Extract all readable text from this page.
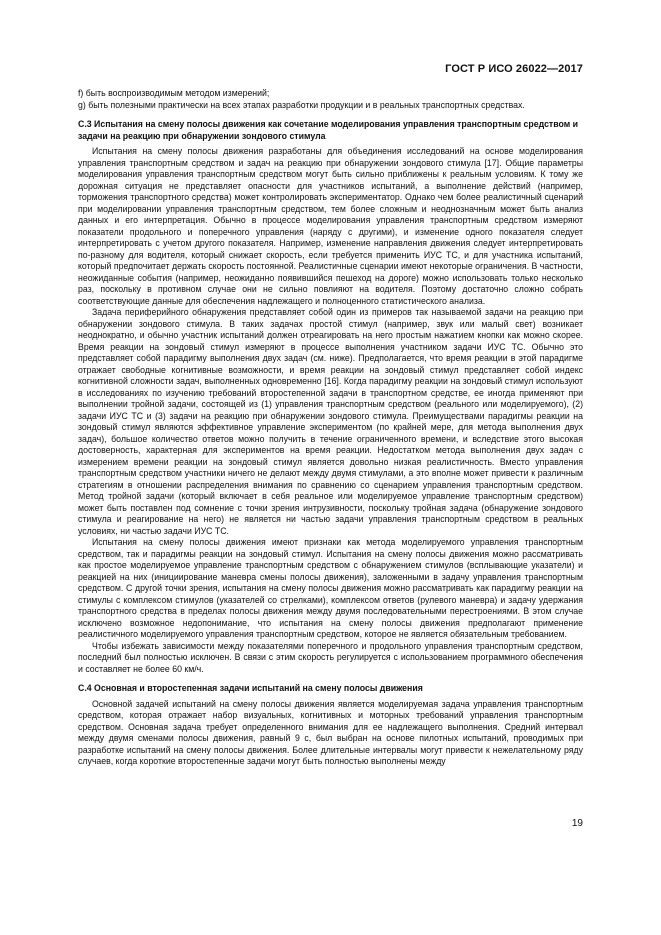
ГОСТ Р ИСО 26022—2017

f) быть воспроизводимым методом измерений;

g) быть полезными практически на всех этапах разработки продукции и в реальных транспортных средствах.

С.3 Испытания на смену полосы движения как сочетание моделирования управления транспортным средством и задачи на реакцию при обнаружении зондового стимула

Испытания на смену полосы движения разработаны для объединения исследований на основе моделирования управления транспортным средством и задач на реакцию при обнаружении зондового стимула [17]. Общие параметры моделирования управления транспортным средством могут быть сильно приближены к реальным условиям. К тому же дорожная ситуация не представляет опасности для участников испытаний, а выполнение действий (например, торможения транспортного средства) может контролировать экспериментатор. Однако чем более реалистичный сценарий при моделировании управления транспортным средством, тем более сложным и неоднозначным может быть анализ данных и его интерпретация. Обычно в процессе моделирования управления транспортным средством измеряют показатели продольного и поперечного управления (наряду с другими), и изменение одного показателя следует интерпретировать с учетом другого показателя. Например, изменение направления движения следует интерпретировать по-разному для водителя, который снижает скорость, если требуется применить ИУС ТС, и для участника испытаний, который предпочитает держать скорость постоянной. Реалистичные сценарии имеют некоторые ограничения. В частности, неожиданные события (например, неожиданно появившийся пешеход на дороге) можно использовать только несколько раз, поскольку в противном случае они не сильно повлияют на водителя. Поэтому достаточно сложно собрать соответствующие данные для обеспечения надлежащего и полноценного статистического анализа.

Задача периферийного обнаружения представляет собой один из примеров так называемой задачи на реакцию при обнаружении зондового стимула. В таких задачах простой стимул (например, звук или малый свет) возникает неоднократно, и обычно участник испытаний должен отреагировать на него простым нажатием кнопки как можно скорее. Время реакции на зондовый стимул измеряют в процессе выполнения участником задачи ИУС ТС. Обычно это представляет собой парадигму выполнения двух задач (см. ниже). Предполагается, что время реакции в этой парадигме отражает свободные когнитивные возможности, и время реакции на зондовый стимул представляет собой индекс когнитивной сложности задач, выполненных одновременно [16]. Когда парадигму реакции на зондовый стимул используют в исследованиях по изучению требований второстепенной задачи в транспортном средстве, ее иногда применяют при выполнении тройной задачи, состоящей из (1) управления транспортным средством (реального или моделируемого), (2) задачи ИУС ТС и (3) задачи на реакцию при обнаружении зондового стимула. Преимуществами парадигмы реакции на зондовый стимул являются эффективное управление экспериментом (по крайней мере, для метода выполнения двух задач), большое количество ответов можно получить в течение ограниченного времени, и вследствие этого высокая достоверность, характерная для экспериментов на время реакции. Недостатком метода выполнения двух задач с измерением времени реакции на зондовый стимул является довольно низкая реалистичность. Вместо управления транспортным средством участники ничего не делают между двумя стимулами, а это вполне может привести к различным стратегиям в отношении распределения внимания по сравнению со сценарием управления транспортным средством. Метод тройной задачи (который включает в себя реальное или моделируемое управление транспортным средством) может быть поставлен под сомнение с точки зрения интрузивности, поскольку тройная задача (обнаружение зондового стимула и реагирование на него) не является ни частью задачи управления транспортным средством в реальных условиях, ни частью задачи ИУС ТС.

Испытания на смену полосы движения имеют признаки как метода моделируемого управления транспортным средством, так и парадигмы реакции на зондовый стимул. Испытания на смену полосы движения можно рассматривать как простое моделируемое управление транспортным средством с обнаружением стимулов (всплывающие указатели) и реакцией на них (инициирование маневра смены полосы движения), заложенными в задачу управления транспортным средством. С другой точки зрения, испытания на смену полосы движения можно рассматривать как парадигму реакции на стимулы с комплексом стимулов (указателей со стрелками), комплексом ответов (рулевого маневра) и задачу удержания транспортного средства в пределах полосы движения между двумя последовательными перестроениями. В этом случае исключено возможное недопонимание, что испытания на смену полосы движения предполагают применение реалистичного моделируемого управления транспортным средством, которое не является обязательным требованием.

Чтобы избежать зависимости между показателями поперечного и продольного управления транспортным средством, последний был полностью исключен. В связи с этим скорость регулируется с использованием программного обеспечения и составляет не более 60 км/ч.

С.4 Основная и второстепенная задачи испытаний на смену полосы движения

Основной задачей испытаний на смену полосы движения является моделируемая задача управления транспортным средством, которая отражает набор визуальных, когнитивных и моторных требований управления транспортным средством. Основная задача требует определенного внимания для ее надлежащего выполнения. Средний интервал между двумя сменами полосы движения, равный 9 с, был выбран на основе пилотных испытаний, проводимых при разработке испытаний на смену полосы движения. Более длительные интервалы могут привести к нежелательному ряду случаев, когда короткие второстепенные задачи могут быть полностью выполнены между

19
